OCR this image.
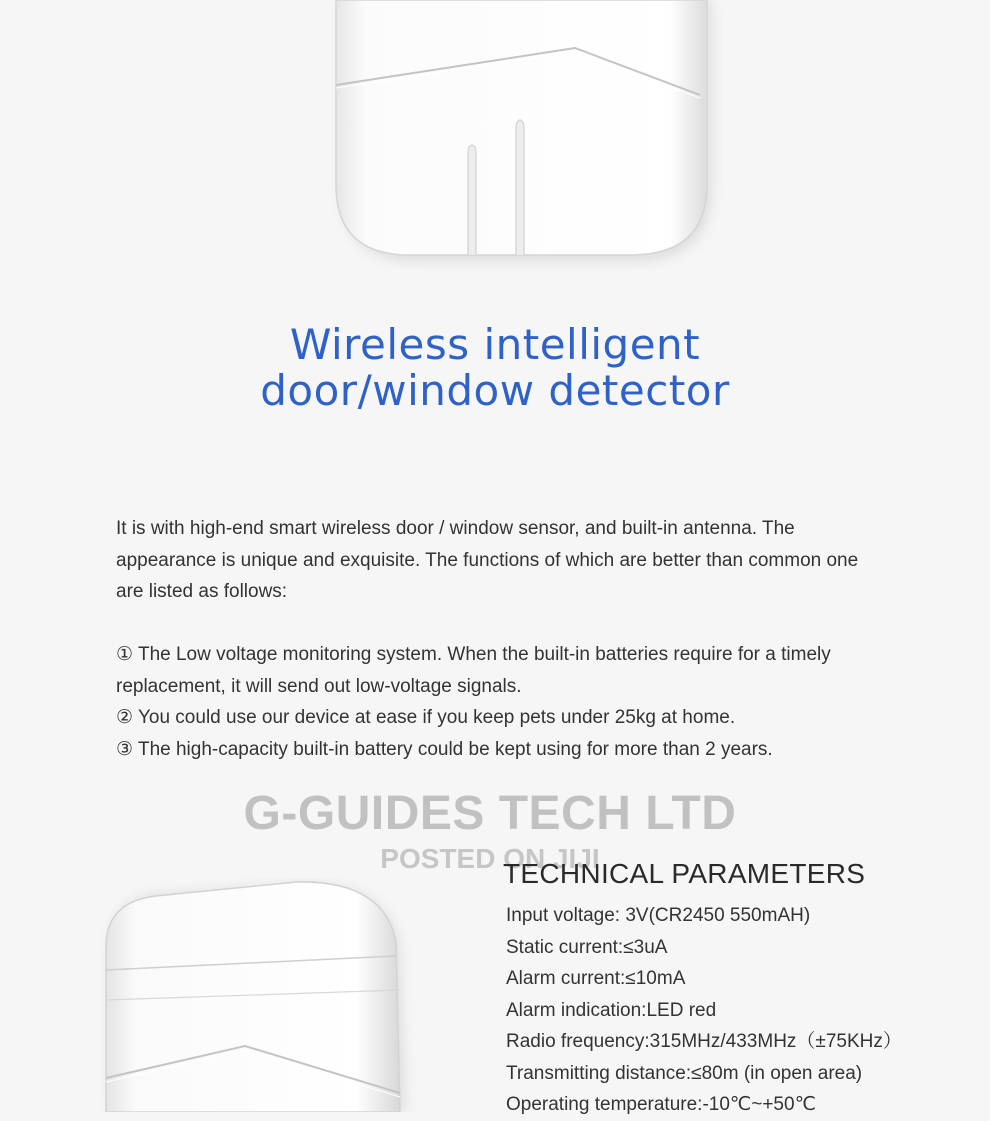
Wireless intelligent
door/window detector

It is with high-end smart wireless door / window sensor, and built-in antenna. The appearance is unique and exquisite. The functions of which are better than common one are listed as follows:

① The Low voltage monitoring system. When the built-in batteries require for a timely replacement, it will send out low-voltage signals.
② You could use our device at ease if you keep pets under 25kg at home.
③ The high-capacity built-in battery could be kept using for more than 2 years.
G-GUIDES TECH LTD
POSTED ON JIJI
TECHNICAL PARAMETERS
Input voltage: 3V(CR2450 550mAH)
Static current:≤3uA
Alarm current:≤10mA
Alarm indication:LED red
Radio frequency:315MHz/433MHz（±75KHz）
Transmitting distance:≤80m (in open area)
Operating temperature:-10℃~+50℃
